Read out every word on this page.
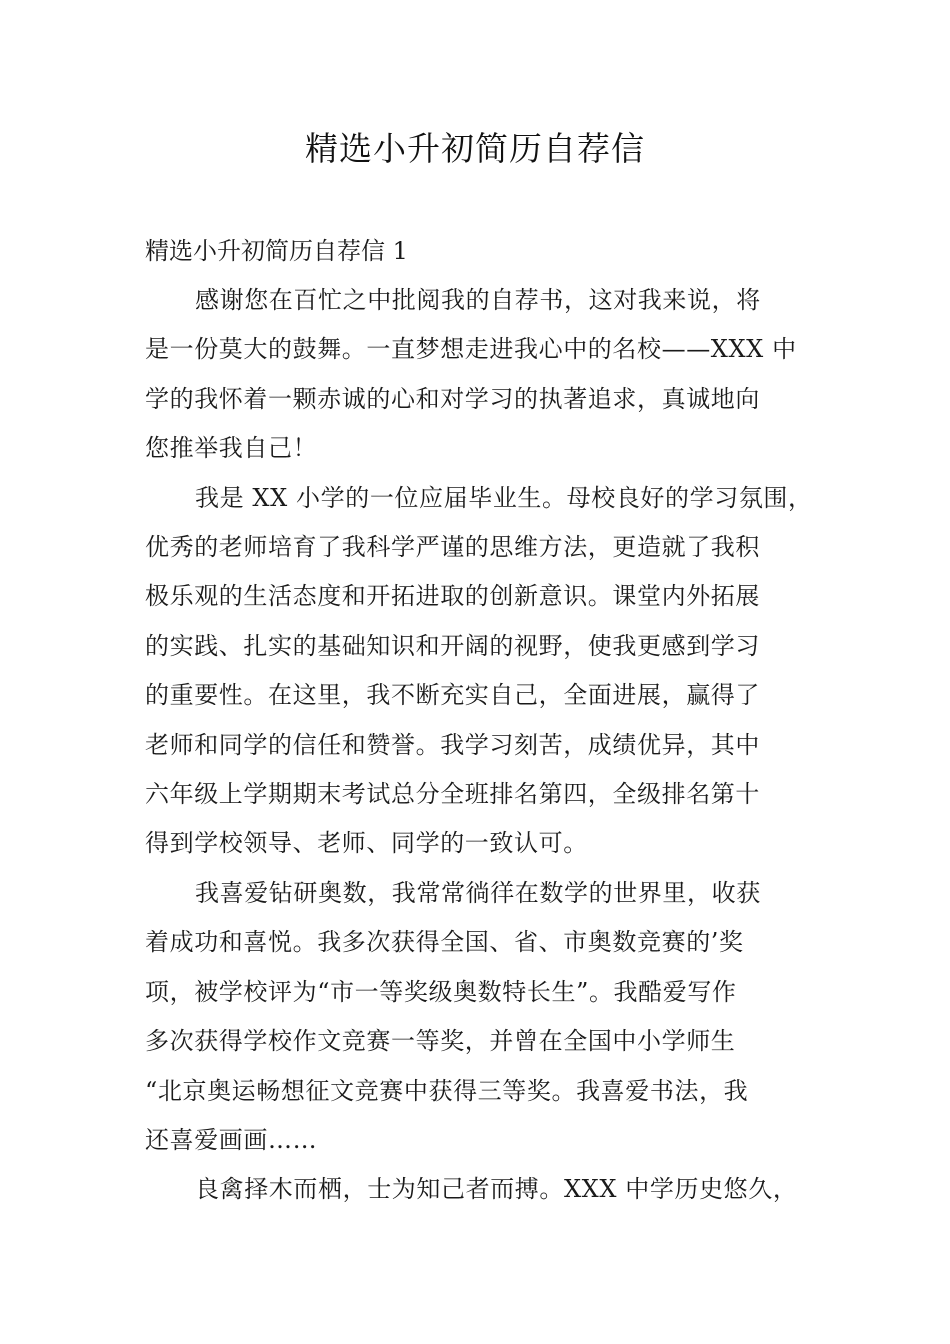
精选小升初简历自荐信

精选小升初简历自荐信 1

感谢您在百忙之中批阅我的自荐书，这对我来说，将
是一份莫大的鼓舞。一直梦想走进我心中的名校——XXX 中
学的我怀着一颗赤诚的心和对学习的执著追求，真诚地向
您推举我自己！

我是 XX 小学的一位应届毕业生。母校良好的学习氛围，
优秀的老师培育了我科学严谨的思维方法，更造就了我积
极乐观的生活态度和开拓进取的创新意识。课堂内外拓展
的实践、扎实的基础知识和开阔的视野，使我更感到学习
的重要性。在这里，我不断充实自己，全面进展，赢得了
老师和同学的信任和赞誉。我学习刻苦，成绩优异，其中
六年级上学期期末考试总分全班排名第四，全级排名第十
得到学校领导、老师、同学的一致认可。

我喜爱钻研奥数，我常常徜徉在数学的世界里，收获
着成功和喜悦。我多次获得全国、省、市奥数竞赛的’奖
项，被学校评为“市一等奖级奥数特长生”。我酷爱写作
多次获得学校作文竞赛一等奖，并曾在全国中小学师生
“北京奥运畅想征文竞赛中获得三等奖。我喜爱书法，我
还喜爱画画……

良禽择木而栖，士为知己者而搏。XXX 中学历史悠久，
